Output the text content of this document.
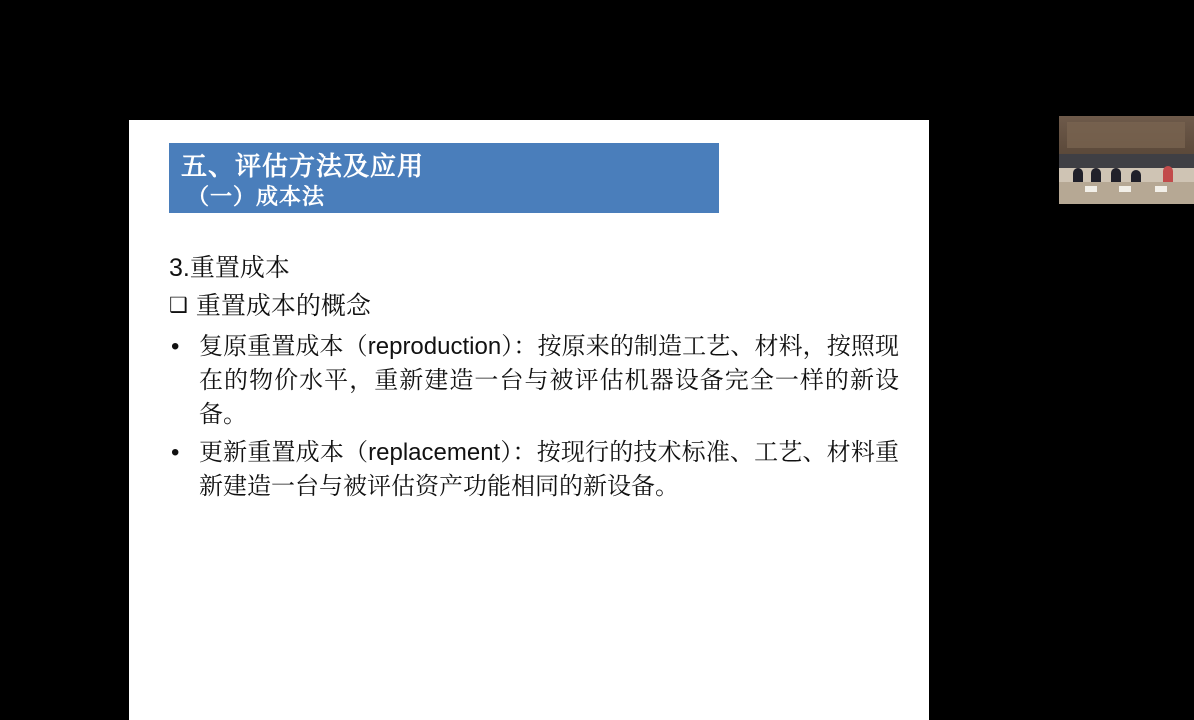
五、评估方法及应用
（一）成本法
3.重置成本
❑ 重置成本的概念
• 复原重置成本（reproduction）：按原来的制造工艺、材料，按照现在的物价水平，重新建造一台与被评估机器设备完全一样的新设备。
• 更新重置成本（replacement）：按现行的技术标准、工艺、材料重新建造一台与被评估资产功能相同的新设备。
